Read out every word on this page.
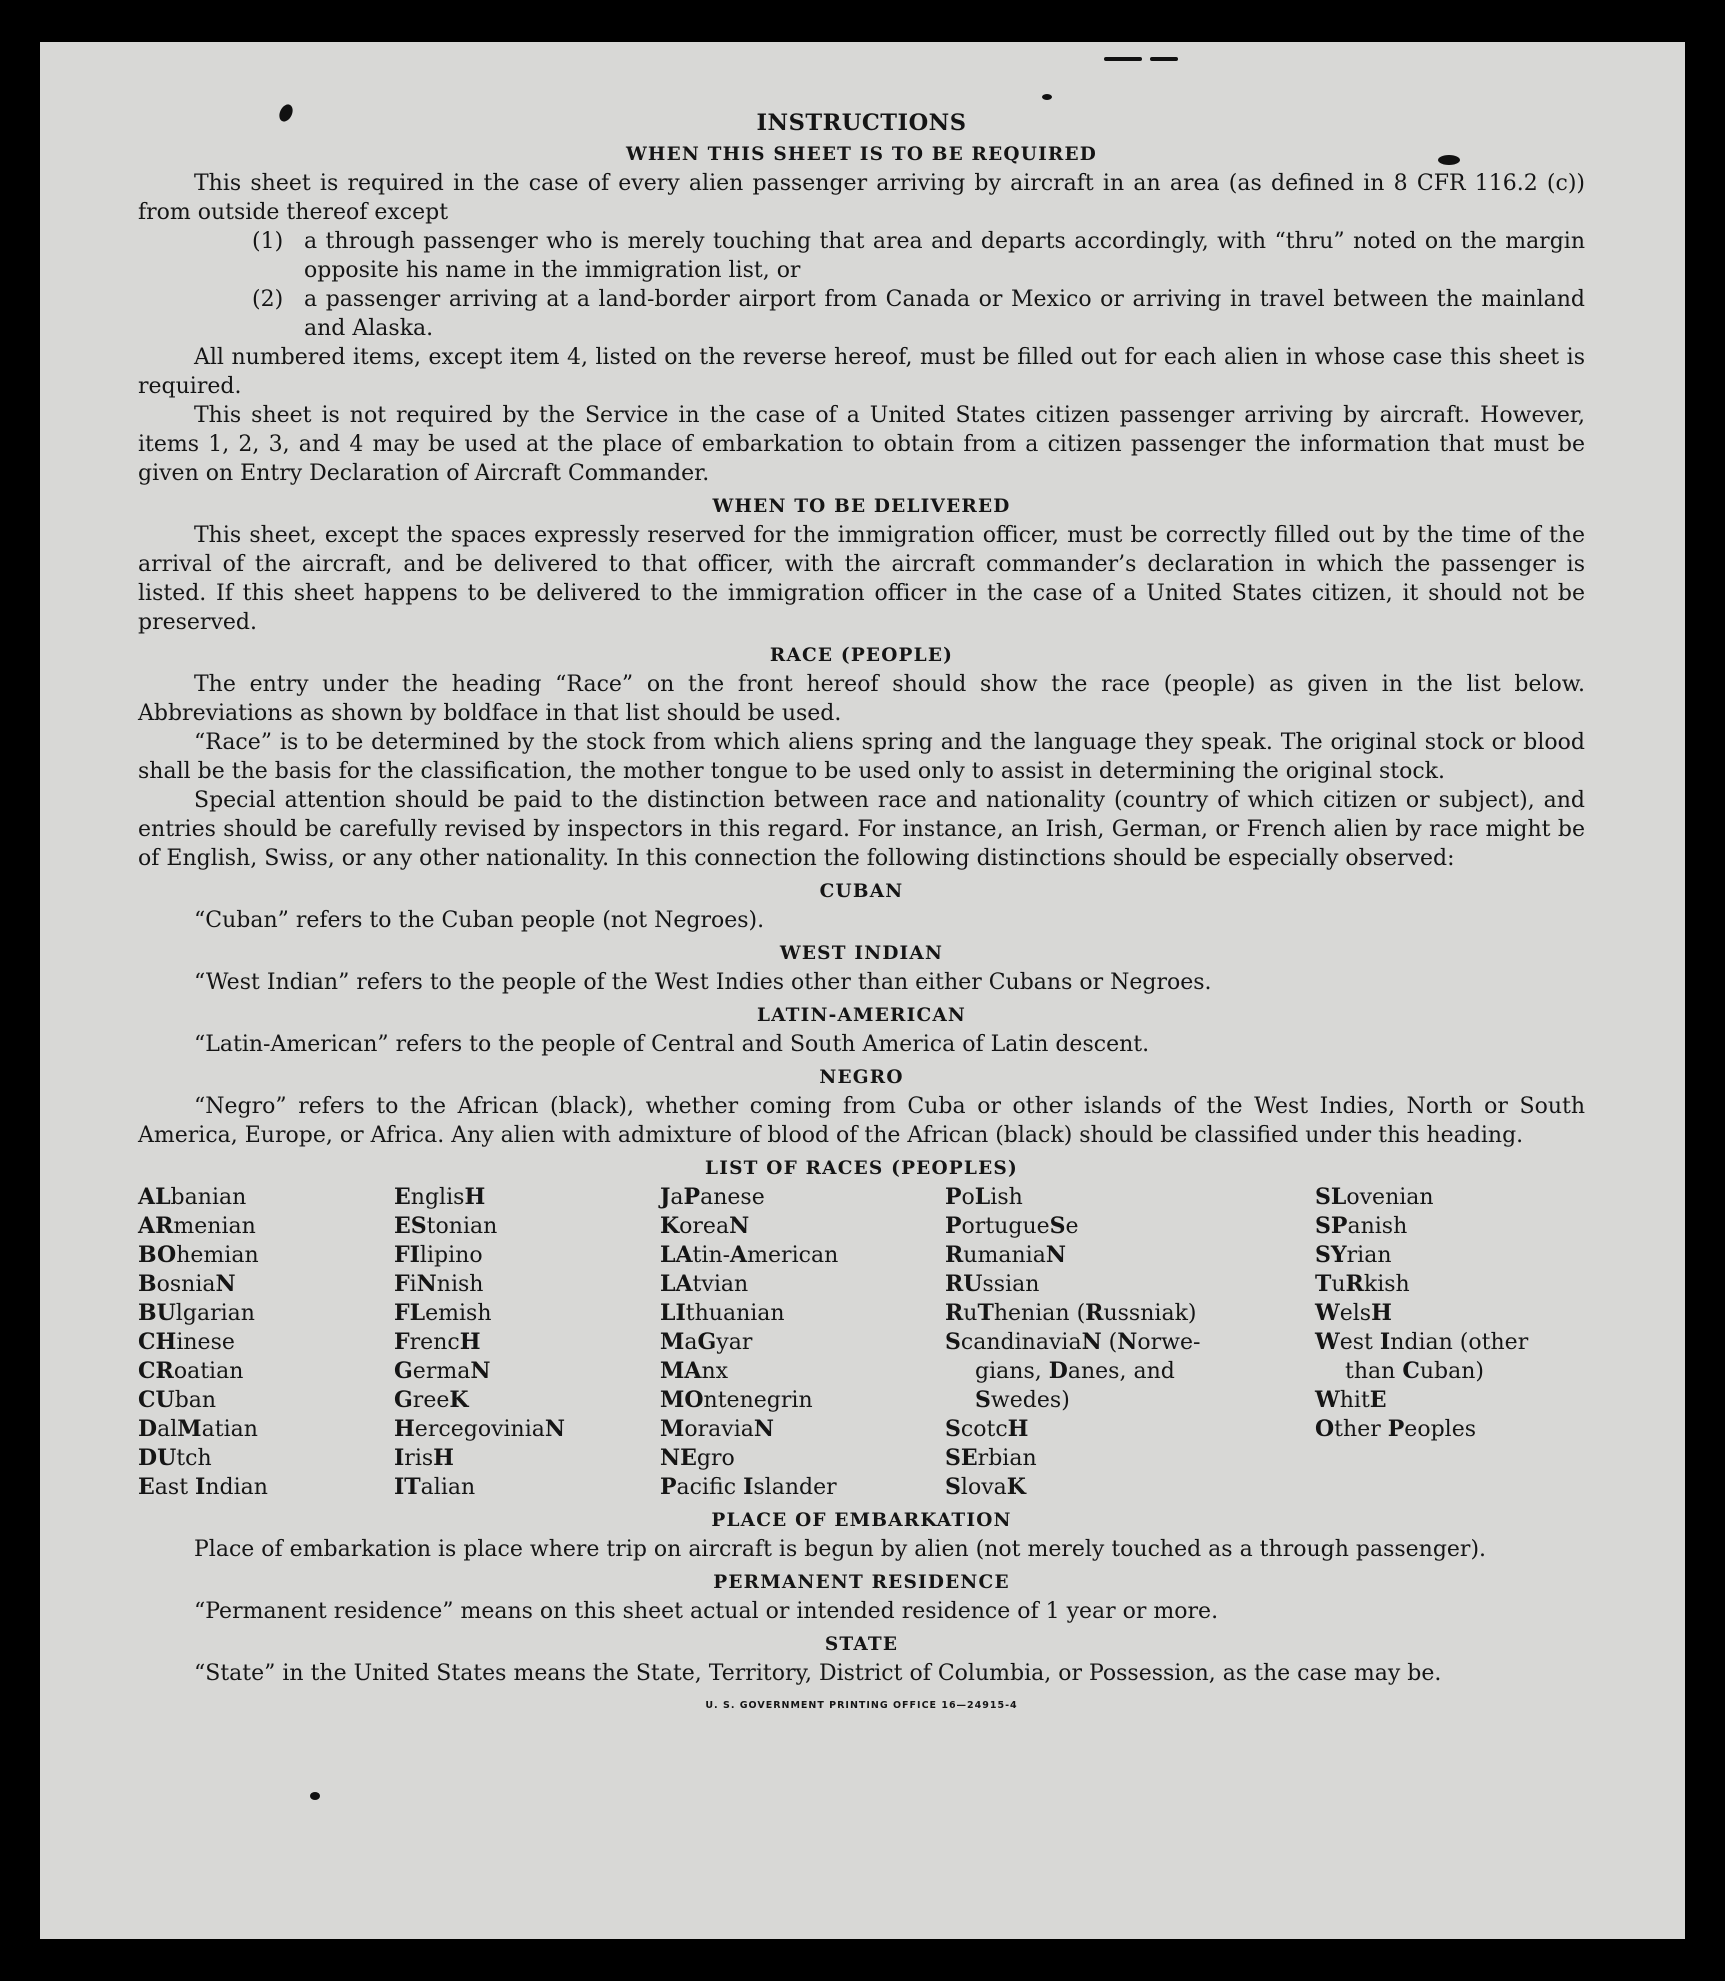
INSTRUCTIONS
WHEN THIS SHEET IS TO BE REQUIRED

This sheet is required in the case of every alien passenger arriving by aircraft in an area (as defined in 8 CFR 116.2 (c)) from outside thereof except

(1) a through passenger who is merely touching that area and departs accordingly, with “thru” noted on the margin opposite his name in the immigration list, or
(2) a passenger arriving at a land-border airport from Canada or Mexico or arriving in travel between the mainland and Alaska.

All numbered items, except item 4, listed on the reverse hereof, must be filled out for each alien in whose case this sheet is required.

This sheet is not required by the Service in the case of a United States citizen passenger arriving by aircraft. However, items 1, 2, 3, and 4 may be used at the place of embarkation to obtain from a citizen passenger the information that must be given on Entry Declaration of Aircraft Commander.

WHEN TO BE DELIVERED

This sheet, except the spaces expressly reserved for the immigration officer, must be correctly filled out by the time of the arrival of the aircraft, and be delivered to that officer, with the aircraft commander’s declaration in which the passenger is listed. If this sheet happens to be delivered to the immigration officer in the case of a United States citizen, it should not be preserved.

RACE (PEOPLE)

The entry under the heading “Race” on the front hereof should show the race (people) as given in the list below. Abbreviations as shown by boldface in that list should be used.

“Race” is to be determined by the stock from which aliens spring and the language they speak. The original stock or blood shall be the basis for the classification, the mother tongue to be used only to assist in determining the original stock.

Special attention should be paid to the distinction between race and nationality (country of which citizen or subject), and entries should be carefully revised by inspectors in this regard. For instance, an Irish, German, or French alien by race might be of English, Swiss, or any other nationality. In this connection the following distinctions should be especially observed:

CUBAN

“Cuban” refers to the Cuban people (not Negroes).

WEST INDIAN

“West Indian” refers to the people of the West Indies other than either Cubans or Negroes.

LATIN-AMERICAN

“Latin-American” refers to the people of Central and South America of Latin descent.

NEGRO

“Negro” refers to the African (black), whether coming from Cuba or other islands of the West Indies, North or South America, Europe, or Africa. Any alien with admixture of blood of the African (black) should be classified under this heading.

LIST OF RACES (PEOPLES)
ALbanian
ARmenian
BOhemian
BosniaN
BUlgarian
CHinese
CRoatian
CUban
DalMatian
DUtch
East Indian
EnglisH
EStonian
FIlipino
FiNnish
FLemish
FrencH
GermaN
GreeK
HercegoviniaN
IrisH
ITalian
JaPanese
KoreaN
LAtin-American
LAtvian
LIthuanian
MaGyar
MAnx
MOntenegrin
MoraviaN
NEgro
Pacifc Islander
PoLish
PortugueSe
RumaniaN
RUssian
RuThenian (Russniak)
ScandinaviaN (Norwe-
gians, Danes, and
Swedes)
ScotcH
SErbian
SlovaK
SLovenian
SPanish
SYrian
TuRkish
WelsH
West Indian (other
than Cuban)
WhitE
Other Peoples
PLACE OF EMBARKATION

Place of embarkation is place where trip on aircraft is begun by alien (not merely touched as a through passenger).

PERMANENT RESIDENCE

“Permanent residence” means on this sheet actual or intended residence of 1 year or more.

STATE

“State” in the United States means the State, Territory, District of Columbia, or Possession, as the case may be.

U. S. GOVERNMENT PRINTING OFFICE 16—24915-4
